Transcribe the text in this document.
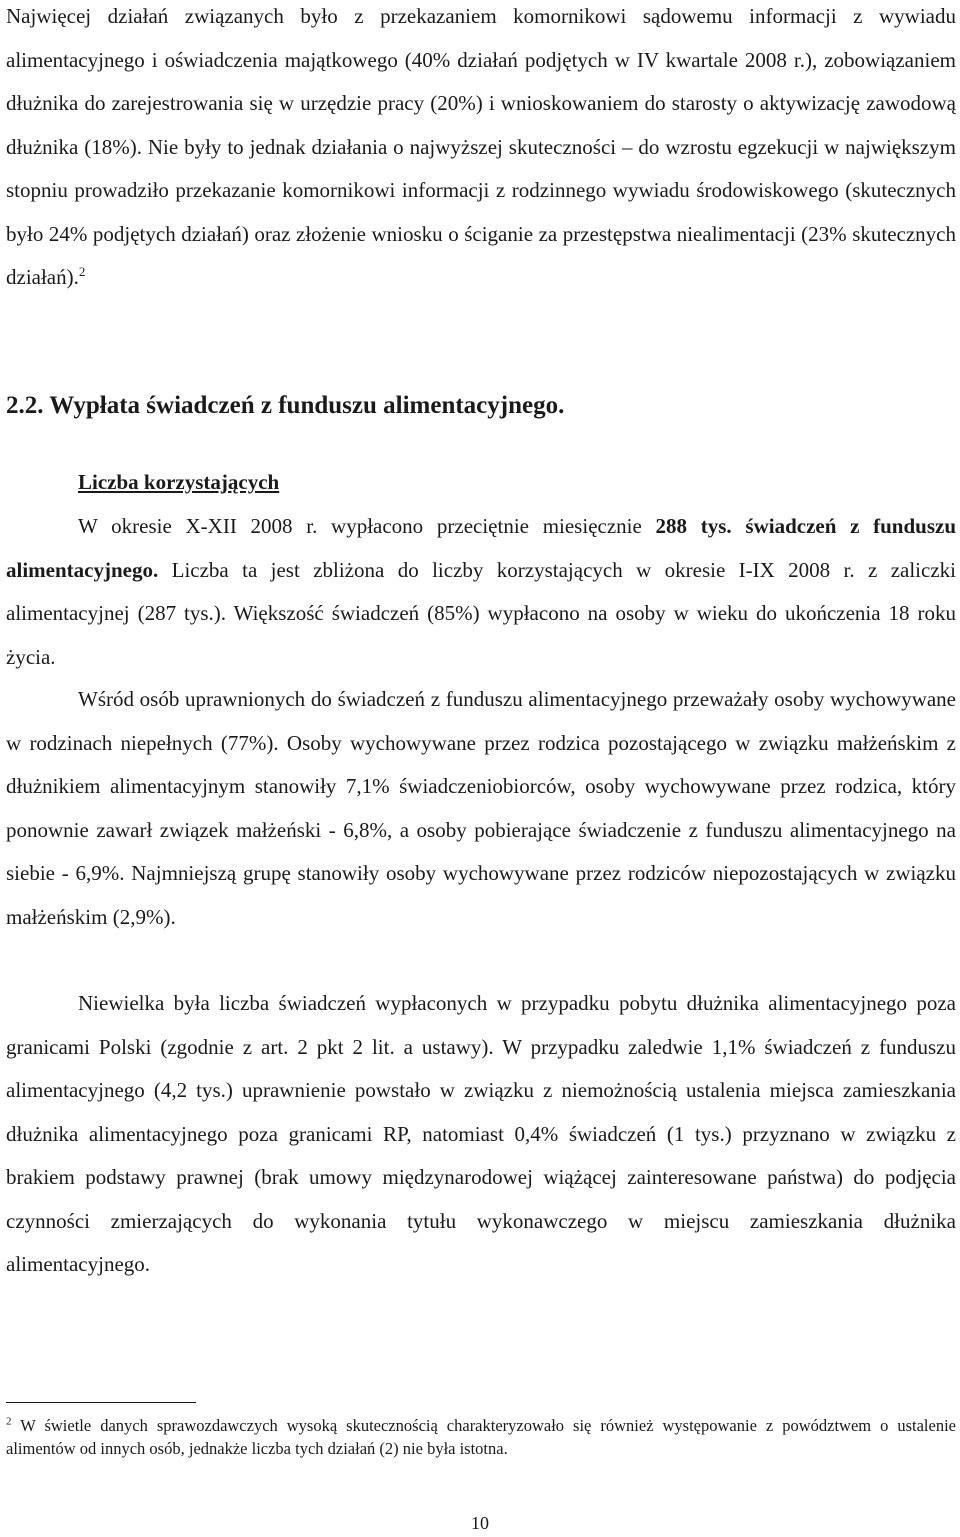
Najwięcej działań związanych było z przekazaniem komornikowi sądowemu informacji z wywiadu alimentacyjnego i oświadczenia majątkowego (40% działań podjętych w IV kwartale 2008 r.), zobowiązaniem dłużnika do zarejestrowania się w urzędzie pracy (20%) i wnioskowaniem do starosty o aktywizację zawodową dłużnika (18%). Nie były to jednak działania o najwyższej skuteczności – do wzrostu egzekucji w największym stopniu prowadziło przekazanie komornikowi informacji z rodzinnego wywiadu środowiskowego (skutecznych było 24% podjętych działań) oraz złożenie wniosku o ściganie za przestępstwa niealimentacji (23% skutecznych działań).$^2$

2.2. Wypłata świadczeń z funduszu alimentacyjnego.
Liczba korzystających

W okresie X-XII 2008 r. wypłacono przeciętnie miesięcznie 288 tys. świadczeń z funduszu alimentacyjnego. Liczba ta jest zbliżona do liczby korzystających w okresie I-IX 2008 r. z zaliczki alimentacyjnej (287 tys.). Większość świadczeń (85%) wypłacono na osoby w wieku do ukończenia 18 roku życia.

Wśród osób uprawnionych do świadczeń z funduszu alimentacyjnego przeważały osoby wychowywane w rodzinach niepełnych (77%). Osoby wychowywane przez rodzica pozostającego w związku małżeńskim z dłużnikiem alimentacyjnym stanowiły 7,1% świadczeniobiorców, osoby wychowywane przez rodzica, który ponownie zawarł związek małżeński - 6,8%, a osoby pobierające świadczenie z funduszu alimentacyjnego na siebie - 6,9%. Najmniejszą grupę stanowiły osoby wychowywane przez rodziców niepozostających w związku małżeńskim (2,9%).

Niewielka była liczba świadczeń wypłaconych w przypadku pobytu dłużnika alimentacyjnego poza granicami Polski (zgodnie z art. 2 pkt 2 lit. a ustawy). W przypadku zaledwie 1,1% świadczeń z funduszu alimentacyjnego (4,2 tys.) uprawnienie powstało w związku z niemożnością ustalenia miejsca zamieszkania dłużnika alimentacyjnego poza granicami RP, natomiast 0,4% świadczeń (1 tys.) przyznano w związku z brakiem podstawy prawnej (brak umowy międzynarodowej wiążącej zainteresowane państwa) do podjęcia czynności zmierzających do wykonania tytułu wykonawczego w miejscu zamieszkania dłużnika alimentacyjnego.

$^2$ W świetle danych sprawozdawczych wysoką skutecznością charakteryzowało się również występowanie z powództwem o ustalenie alimentów od innych osób, jednakże liczba tych działań (2) nie była istotna.

10
